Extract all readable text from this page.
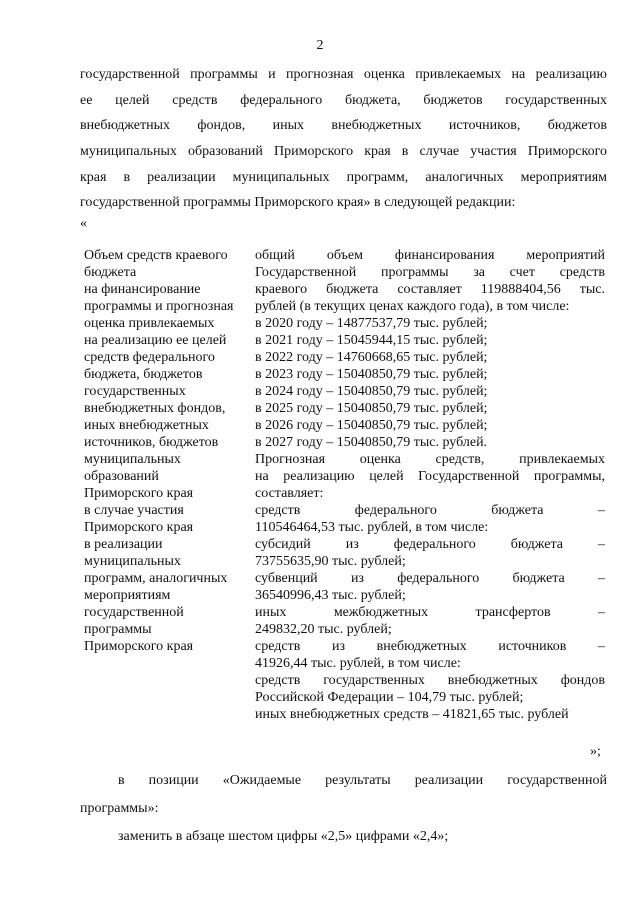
2
государственной программы и прогнозная оценка привлекаемых на реализацию
ее целей средств федерального бюджета, бюджетов государственных
внебюджетных фондов, иных внебюджетных источников, бюджетов
муниципальных образований Приморского края в случае участия Приморского
края в реализации муниципальных программ, аналогичных мероприятиям
государственной программы Приморского края» в следующей редакции:
«
Объем средств краевого
бюджета
на финансирование
программы и прогнозная
оценка привлекаемых
на реализацию ее целей
средств федерального
бюджета, бюджетов
государственных
внебюджетных фондов,
иных внебюджетных
источников, бюджетов
муниципальных
образований
Приморского края
в случае участия
Приморского края
в реализации
муниципальных
программ, аналогичных
мероприятиям
государственной
программы
Приморского края
общий объем финансирования мероприятий
Государственной программы за счет средств
краевого бюджета составляет 119888404,56 тыс.
рублей (в текущих ценах каждого года), в том числе:
в 2020 году – 14877537,79 тыс. рублей;
в 2021 году – 15045944,15 тыс. рублей;
в 2022 году – 14760668,65 тыс. рублей;
в 2023 году – 15040850,79 тыс. рублей;
в 2024 году – 15040850,79 тыс. рублей;
в 2025 году – 15040850,79 тыс. рублей;
в 2026 году – 15040850,79 тыс. рублей;
в 2027 году – 15040850,79 тыс. рублей.
Прогнозная оценка средств, привлекаемых
на реализацию целей Государственной программы,
составляет:
средств федерального бюджета –
110546464,53 тыс. рублей, в том числе:
субсидий из федерального бюджета –
73755635,90 тыс. рублей;
субвенций из федерального бюджета –
36540996,43 тыс. рублей;
иных межбюджетных трансфертов –
249832,20 тыс. рублей;
средств из внебюджетных источников –
41926,44 тыс. рублей, в том числе:
средств государственных внебюджетных фондов
Российской Федерации – 104,79 тыс. рублей;
иных внебюджетных средств – 41821,65 тыс. рублей
»;
в позиции «Ожидаемые результаты реализации государственной
программы»:
заменить в абзаце шестом цифры «2,5» цифрами «2,4»;
